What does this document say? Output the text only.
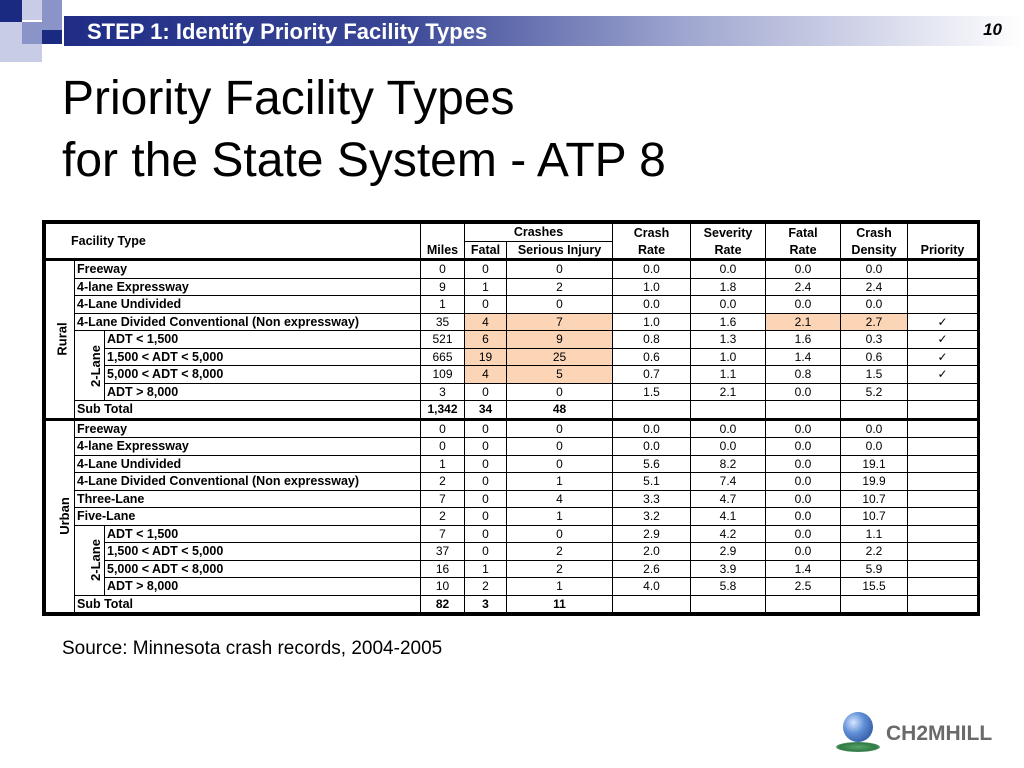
STEP 1: Identify Priority Facility Types	10
Priority Facility Types
for the State System - ATP 8
Facility Type				Crashes		Crash	Severity	Fatal	Crash	
			Miles	Fatal	Serious Injury	Rate	Rate	Rate	Density	Priority
Rural	Freeway		0	0	0	0.0	0.0	0.0	0.0	
	4-lane Expressway		9	1	2	1.0	1.8	2.4	2.4	
	4-Lane Undivided		1	0	0	0.0	0.0	0.0	0.0	
	4-Lane Divided Conventional (Non expressway)		35	4	7	1.0	1.6	2.1	2.7	✓
	2-Lane	ADT < 1,500	521	6	9	0.8	1.3	1.6	0.3	✓
		1,500 < ADT < 5,000	665	19	25	0.6	1.0	1.4	0.6	✓
		5,000 < ADT < 8,000	109	4	5	0.7	1.1	0.8	1.5	✓
		ADT > 8,000	3	0	0	1.5	2.1	0.0	5.2	
	Sub Total		1,342	34	48					
Urban	Freeway		0	0	0	0.0	0.0	0.0	0.0	
	4-lane Expressway		0	0	0	0.0	0.0	0.0	0.0	
	4-Lane Undivided		1	0	0	5.6	8.2	0.0	19.1	
	4-Lane Divided Conventional (Non expressway)		2	0	1	5.1	7.4	0.0	19.9	
	Three-Lane		7	0	4	3.3	4.7	0.0	10.7	
	Five-Lane		2	0	1	3.2	4.1	0.0	10.7	
	2-Lane	ADT < 1,500	7	0	0	2.9	4.2	0.0	1.1	
		1,500 < ADT < 5,000	37	0	2	2.0	2.9	0.0	2.2	
		5,000 < ADT < 8,000	16	1	2	2.6	3.9	1.4	5.9	
		ADT > 8,000	10	2	1	4.0	5.8	2.5	15.5	
	Sub Total		82	3	11					
Source: Minnesota crash records, 2004-2005
CH2MHILL
